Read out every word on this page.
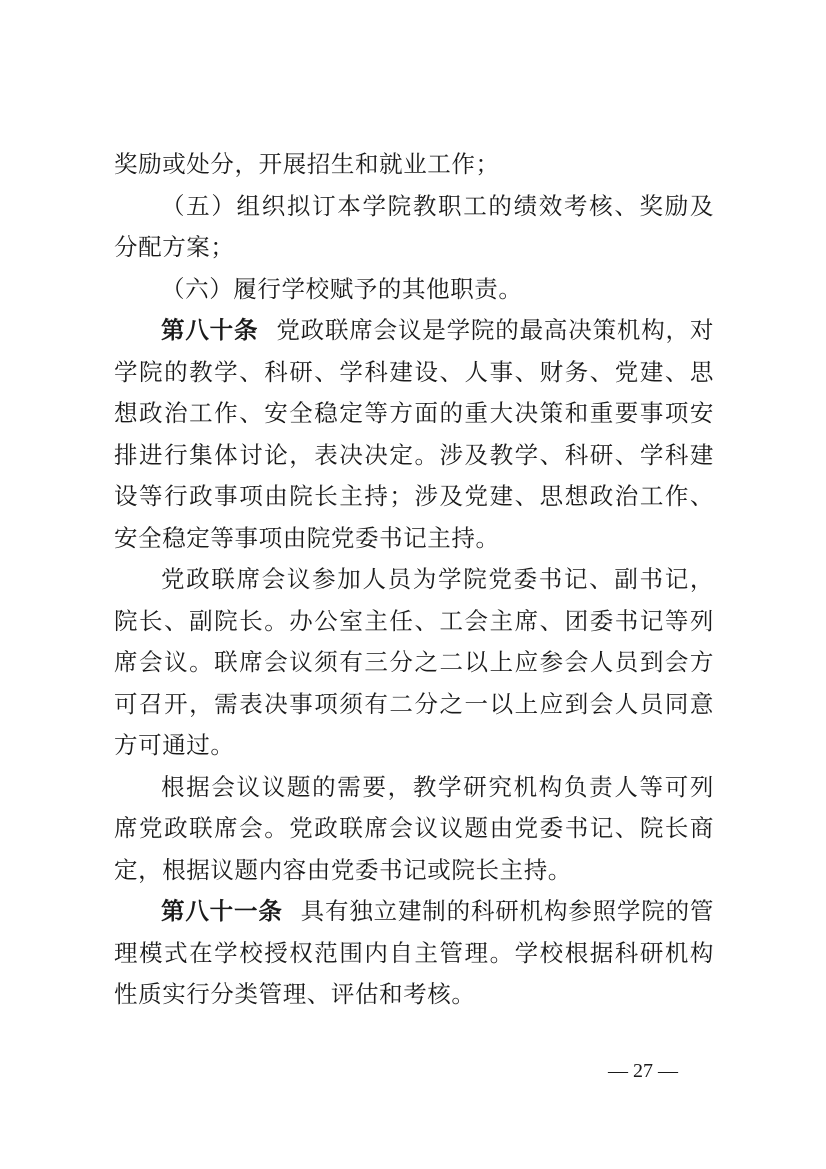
奖励或处分，开展招生和就业工作；

（五）组织拟订本学院教职工的绩效考核、奖励及分配方案；

（六）履行学校赋予的其他职责。

第八十条 党政联席会议是学院的最高决策机构，对学院的教学、科研、学科建设、人事、财务、党建、思想政治工作、安全稳定等方面的重大决策和重要事项安排进行集体讨论，表决决定。涉及教学、科研、学科建设等行政事项由院长主持；涉及党建、思想政治工作、安全稳定等事项由院党委书记主持。

党政联席会议参加人员为学院党委书记、副书记，院长、副院长。办公室主任、工会主席、团委书记等列席会议。联席会议须有三分之二以上应参会人员到会方可召开，需表决事项须有二分之一以上应到会人员同意方可通过。

根据会议议题的需要，教学研究机构负责人等可列席党政联席会。党政联席会议议题由党委书记、院长商定，根据议题内容由党委书记或院长主持。

第八十一条 具有独立建制的科研机构参照学院的管理模式在学校授权范围内自主管理。学校根据科研机构性质实行分类管理、评估和考核。

— 27 —
